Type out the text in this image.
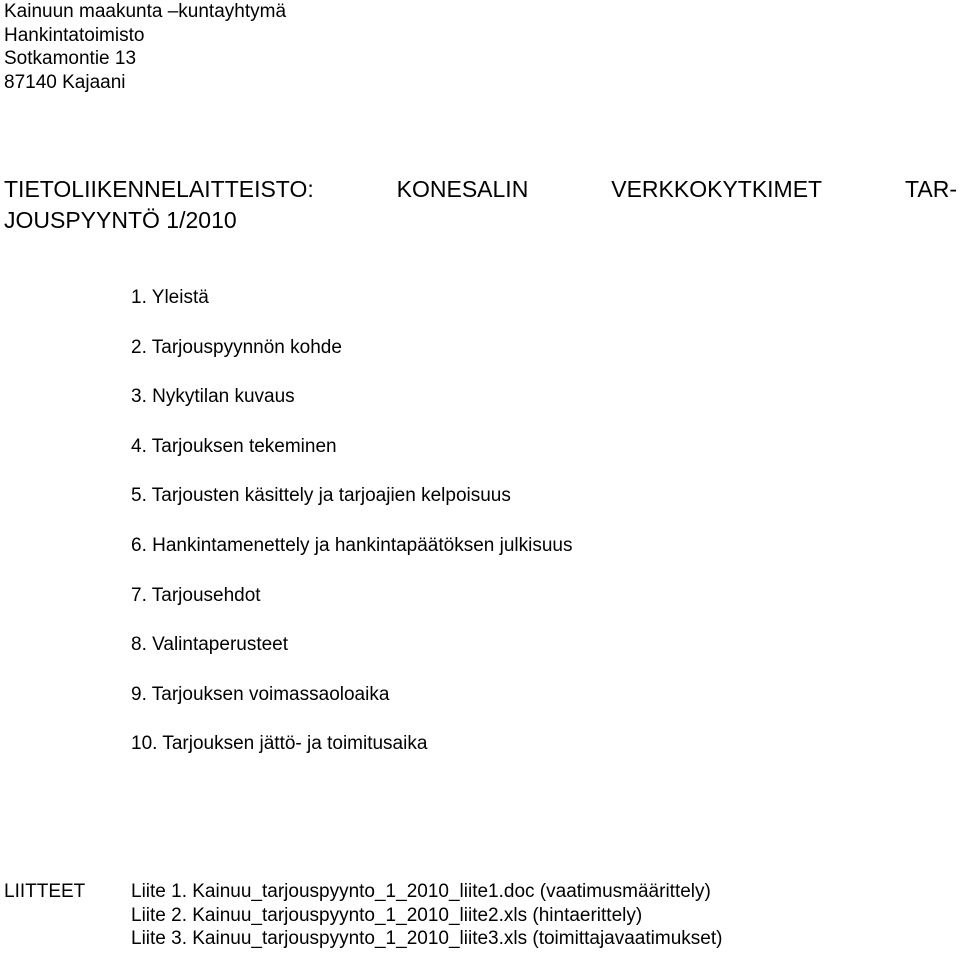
Kainuun maakunta –kuntayhtymä
Hankintatoimisto
Sotkamontie 13
87140 Kajaani
TIETOLIIKENNELAITTEISTO:	KONESALIN	VERKKOKYTKIMET	TAR-
JOUSPYYNTÖ 1/2010
1. Yleistä
2. Tarjouspyynnön kohde
3. Nykytilan kuvaus
4. Tarjouksen tekeminen
5. Tarjousten käsittely ja tarjoajien kelpoisuus
6. Hankintamenettely ja hankintapäätöksen julkisuus
7. Tarjousehdot
8. Valintaperusteet
9. Tarjouksen voimassaoloaika
10. Tarjouksen jättö- ja toimitusaika
LIITTEET Liite 1. Kainuu_tarjouspyynto_1_2010_liite1.doc (vaatimusmäärittely)
Liite 2. Kainuu_tarjouspyynto_1_2010_liite2.xls (hintaerittely)
Liite 3. Kainuu_tarjouspyynto_1_2010_liite3.xls (toimittajavaatimukset)
